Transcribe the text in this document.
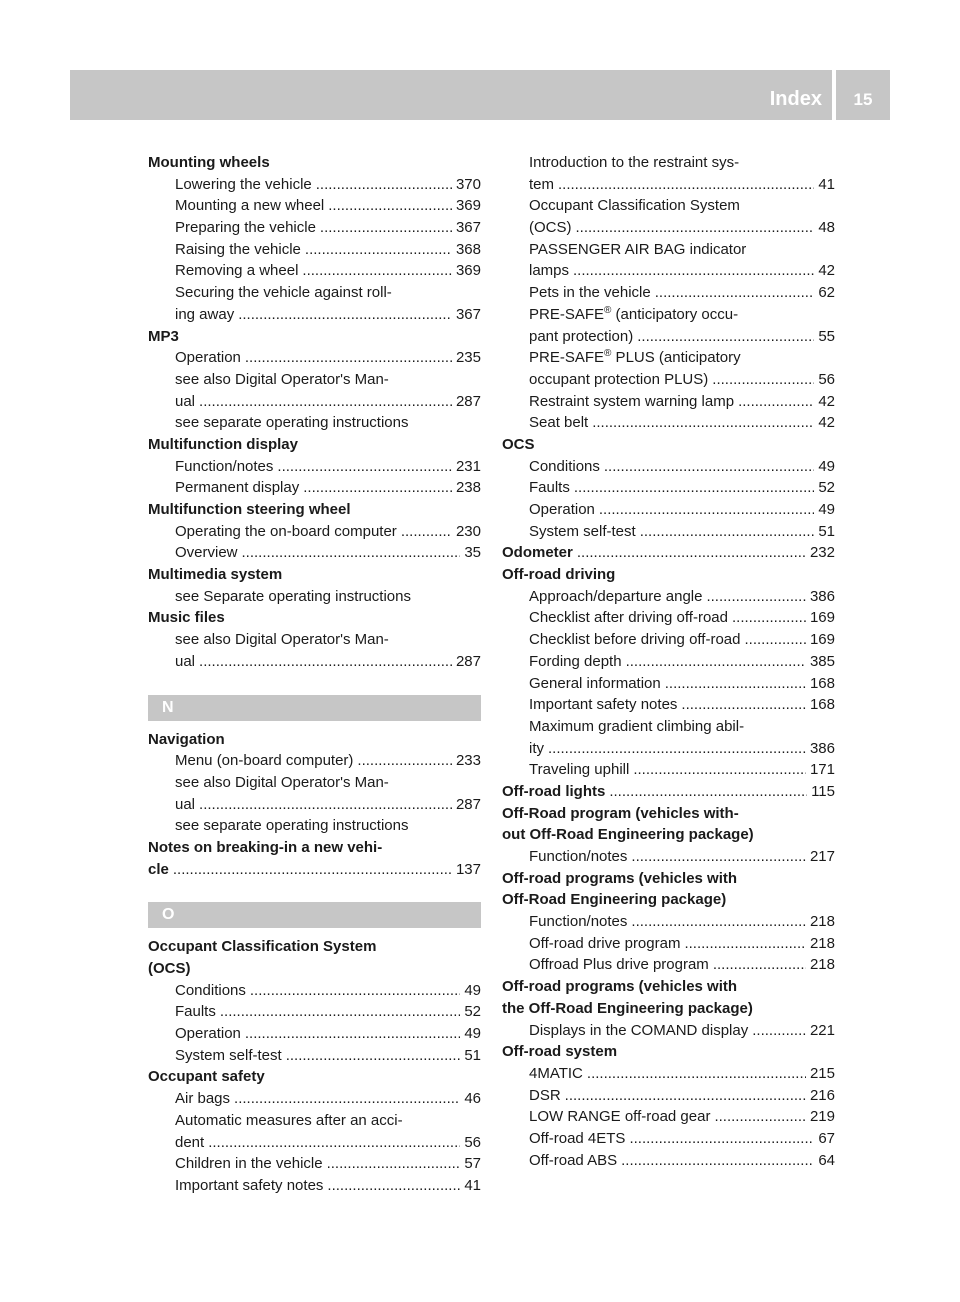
Index	15
Mounting wheels
Lowering the vehicle .....	370
Mounting a new wheel .....	369
Preparing the vehicle .....	367
Raising the vehicle .....	368
Removing a wheel .....	369
Securing the vehicle against roll-
ing away .....	367
MP3
Operation .....	235
see also Digital Operator's Man-
ual .....	287
see separate operating instructions
Multifunction display
Function/notes .....	231
Permanent display .....	238
Multifunction steering wheel
Operating the on-board computer .....	230
Overview .....	35
Multimedia system
see Separate operating instructions
Music files
see also Digital Operator's Man-
ual .....	287
N
Navigation
Menu (on-board computer) .....	233
see also Digital Operator's Man-
ual .....	287
see separate operating instructions
Notes on breaking-in a new vehi-
cle .....	137
O
Occupant Classification System
(OCS)
Conditions .....	49
Faults .....	52
Operation .....	49
System self-test .....	51
Occupant safety
Air bags .....	46
Automatic measures after an acci-
dent .....	56
Children in the vehicle .....	57
Important safety notes .....	41
Introduction to the restraint sys-
tem .....	41
Occupant Classification System
(OCS) .....	48
PASSENGER AIR BAG indicator
lamps .....	42
Pets in the vehicle .....	62
PRE-SAFE® (anticipatory occu-
pant protection) .....	55
PRE-SAFE® PLUS (anticipatory
occupant protection PLUS) .....	56
Restraint system warning lamp .....	42
Seat belt .....	42
OCS
Conditions .....	49
Faults .....	52
Operation .....	49
System self-test .....	51
Odometer .....	232
Off-road driving
Approach/departure angle .....	386
Checklist after driving off-road .....	169
Checklist before driving off-road .....	169
Fording depth .....	385
General information .....	168
Important safety notes .....	168
Maximum gradient climbing abil-
ity .....	386
Traveling uphill .....	171
Off-road lights .....	115
Off-Road program (vehicles with-
out Off-Road Engineering package)
Function/notes .....	217
Off-road programs (vehicles with
Off-Road Engineering package)
Function/notes .....	218
Off-road drive program .....	218
Offroad Plus drive program .....	218
Off-road programs (vehicles with
the Off-Road Engineering package)
Displays in the COMAND display .....	221
Off-road system
4MATIC .....	215
DSR .....	216
LOW RANGE off-road gear .....	219
Off-road 4ETS .....	67
Off-road ABS .....	64
